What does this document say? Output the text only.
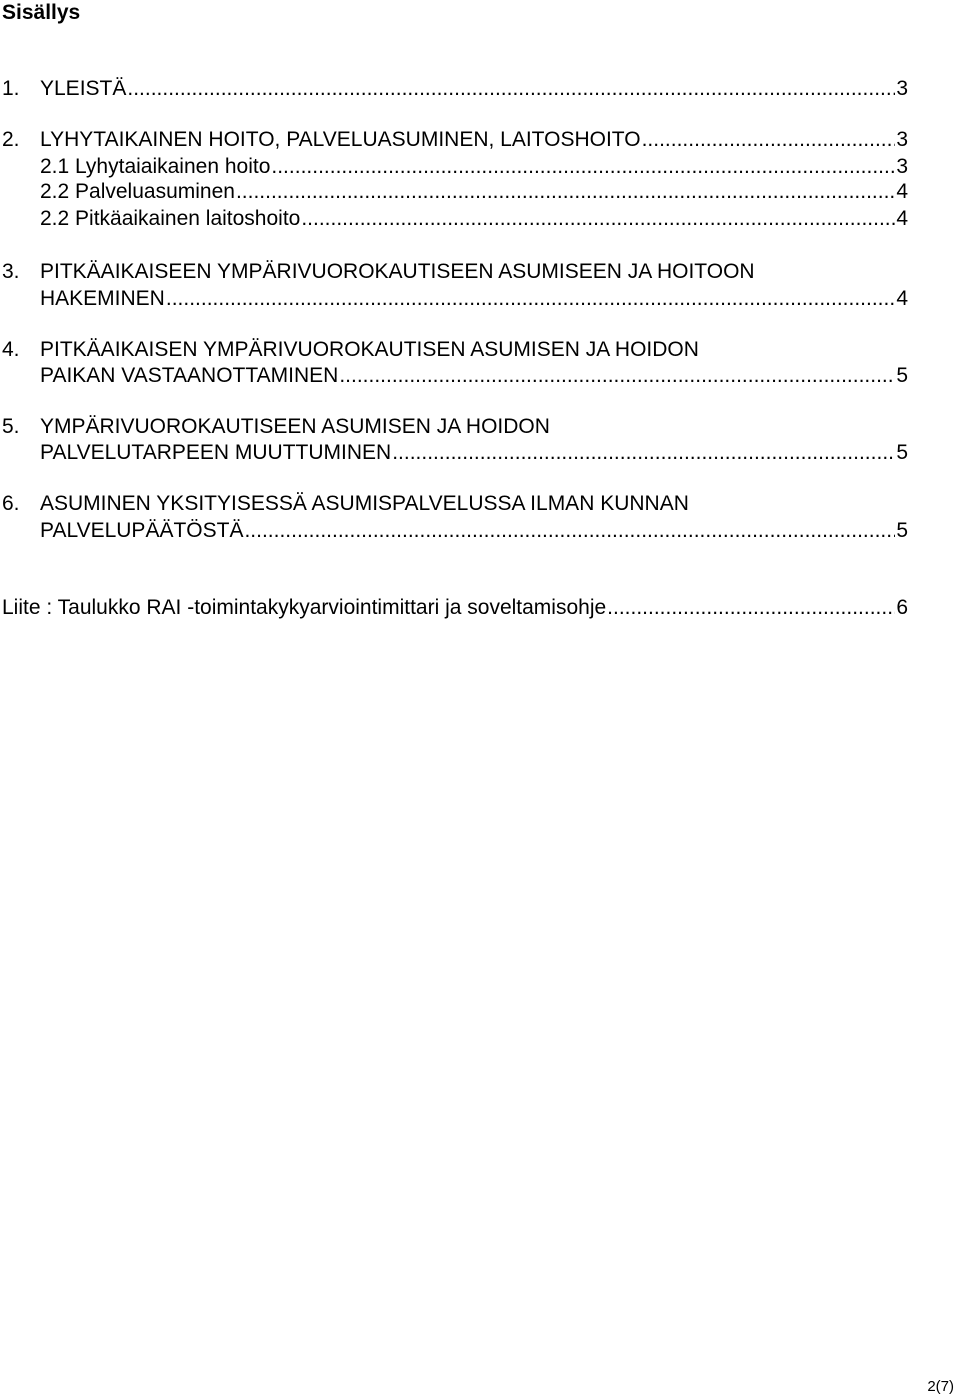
Sisällys
1. YLEISTÄ .....	3
2. LYHYTAIKAINEN HOITO, PALVELUASUMINEN, LAITOSHOITO .....	3
2.1 Lyhytaiaikainen hoito .....	3
2.2 Palveluasuminen .....	4
2.2 Pitkäaikainen laitoshoito .....	4
3. PITKÄAIKAISEEN YMPÄRIVUOROKAUTISEEN ASUMISEEN JA HOITOON
HAKEMINEN .....	4
4. PITKÄAIKAISEN YMPÄRIVUOROKAUTISEN ASUMISEN JA HOIDON
PAIKAN VASTAANOTTAMINEN .....	5
5. YMPÄRIVUOROKAUTISEEN ASUMISEN JA HOIDON
PALVELUTARPEEN MUUTTUMINEN .....	5
6. ASUMINEN YKSITYISESSÄ ASUMISPALVELUSSA ILMAN KUNNAN
PALVELUPÄÄTÖSTÄ .....	5
Liite : Taulukko RAI -toimintakykyarviointimittari ja soveltamisohje .....	6
2(7)
